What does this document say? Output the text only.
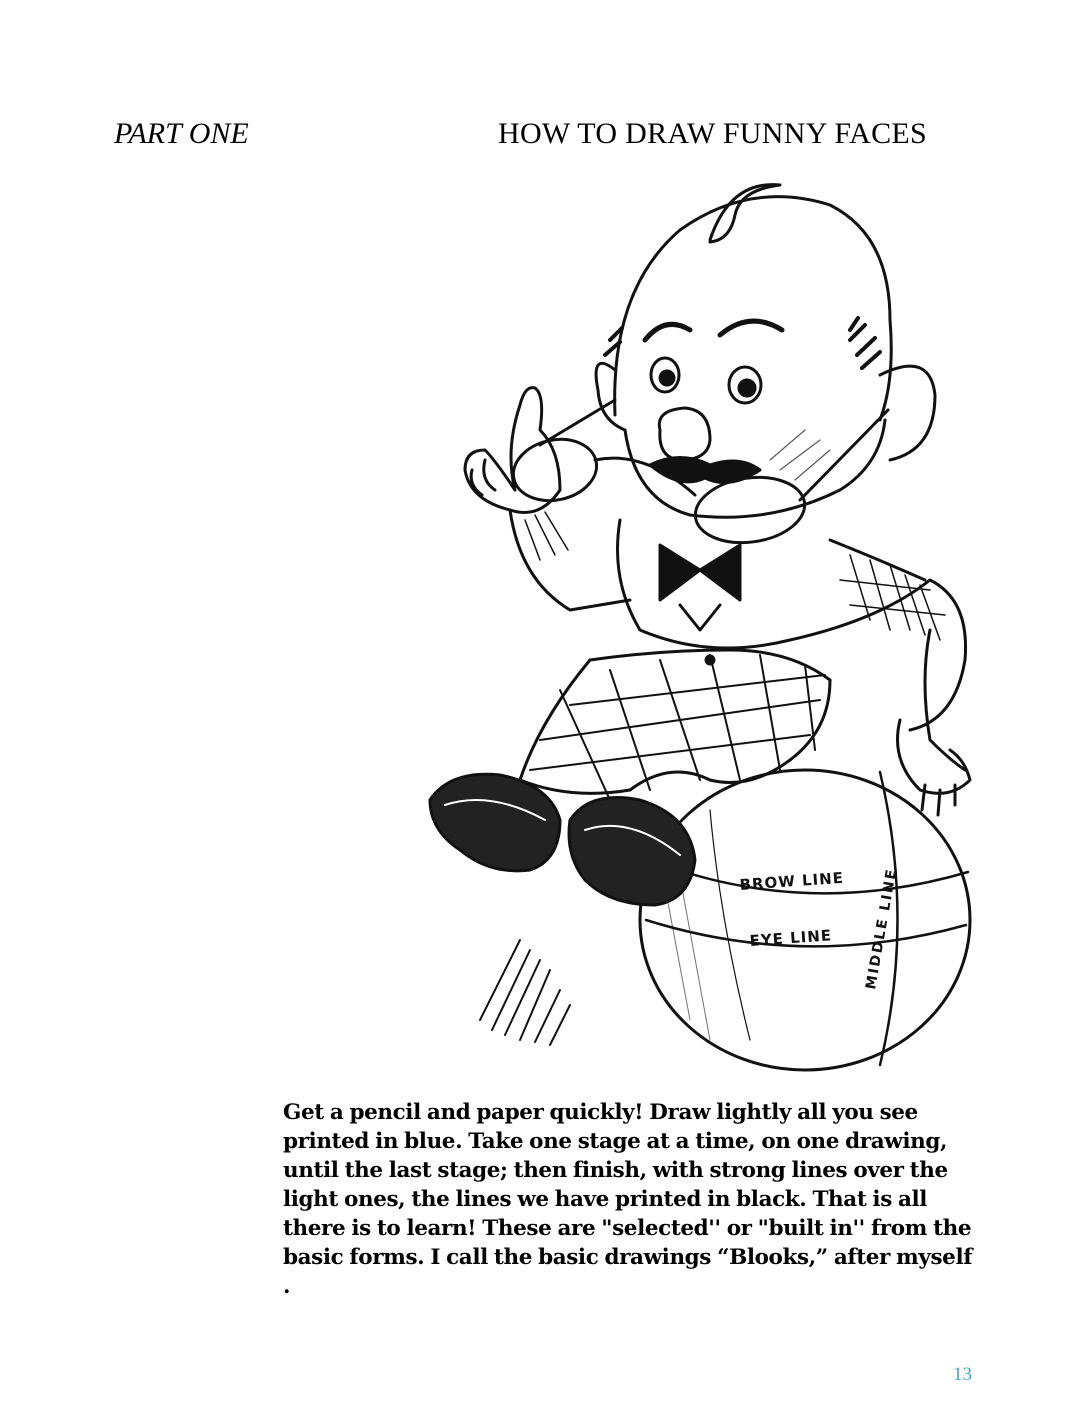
PART ONE	HOW TO DRAW FUNNY FACES
BROW LINE
EYE LINE MIDDLE LINE

Get a pencil and paper quickly! Draw lightly all you see printed in blue. Take one stage at a time, on one drawing, until the last stage; then finish, with strong lines over the light ones, the lines we have printed in black. That is all there is to learn! These are "selected'' or "built in'' from the basic forms. I call the basic drawings “Blooks,” after myself .

13
